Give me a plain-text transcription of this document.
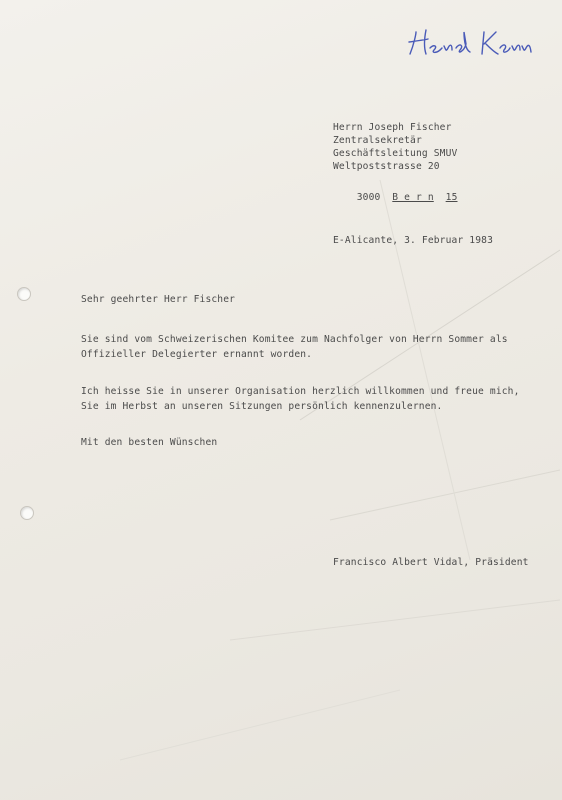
Herrn Joseph Fischer
Zentralsekretär
Geschäftsleitung SMUV
Weltpoststrasse 20

3000 B e r n 15

E-Alicante, 3. Februar 1983
Sehr geehrter Herr Fischer
Sie sind vom Schweizerischen Komitee zum Nachfolger von Herrn Sommer als
Offizieller Delegierter ernannt worden.
Ich heisse Sie in unserer Organisation herzlich willkommen und freue mich,
Sie im Herbst an unseren Sitzungen persönlich kennenzulernen.
Mit den besten Wünschen
Francisco Albert Vidal, Präsident
